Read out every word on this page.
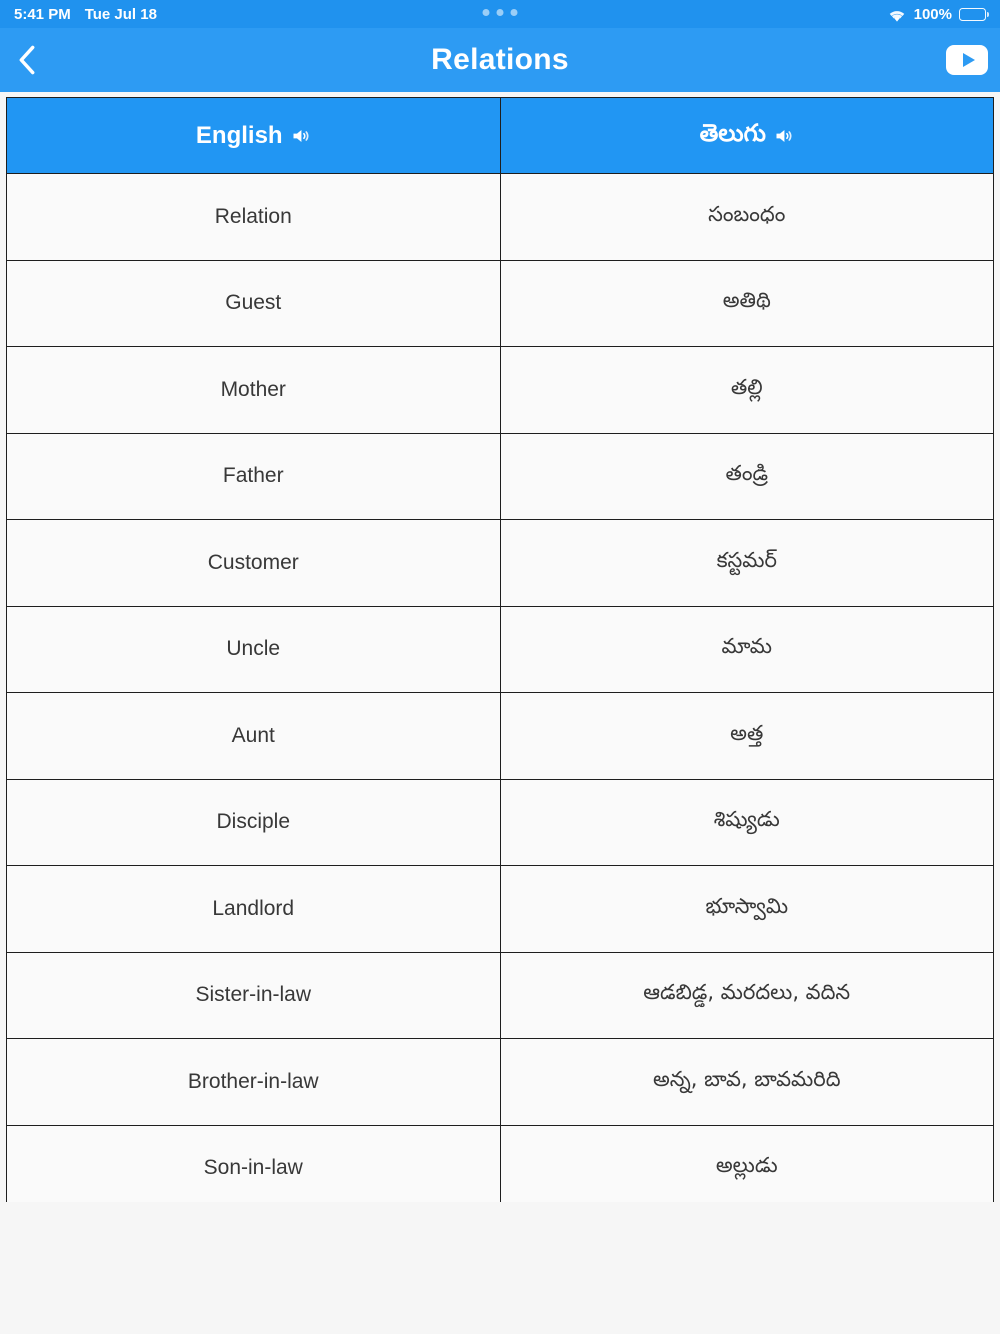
5:41 PM Tue Jul 18	100%
Relations
English	తెలుగు

Relation	సంబంధం
Guest	అతిథి
Mother	తల్లి
Father	తండ్రి
Customer	కస్టమర్
Uncle	మామ
Aunt	అత్త
Disciple	శిష్యుడు
Landlord	భూస్వామి
Sister-in-law	ఆడబిడ్డ, మరదలు, వదిన
Brother-in-law	అన్న, బావ, బావమరిది
Son-in-law	అల్లుడు
